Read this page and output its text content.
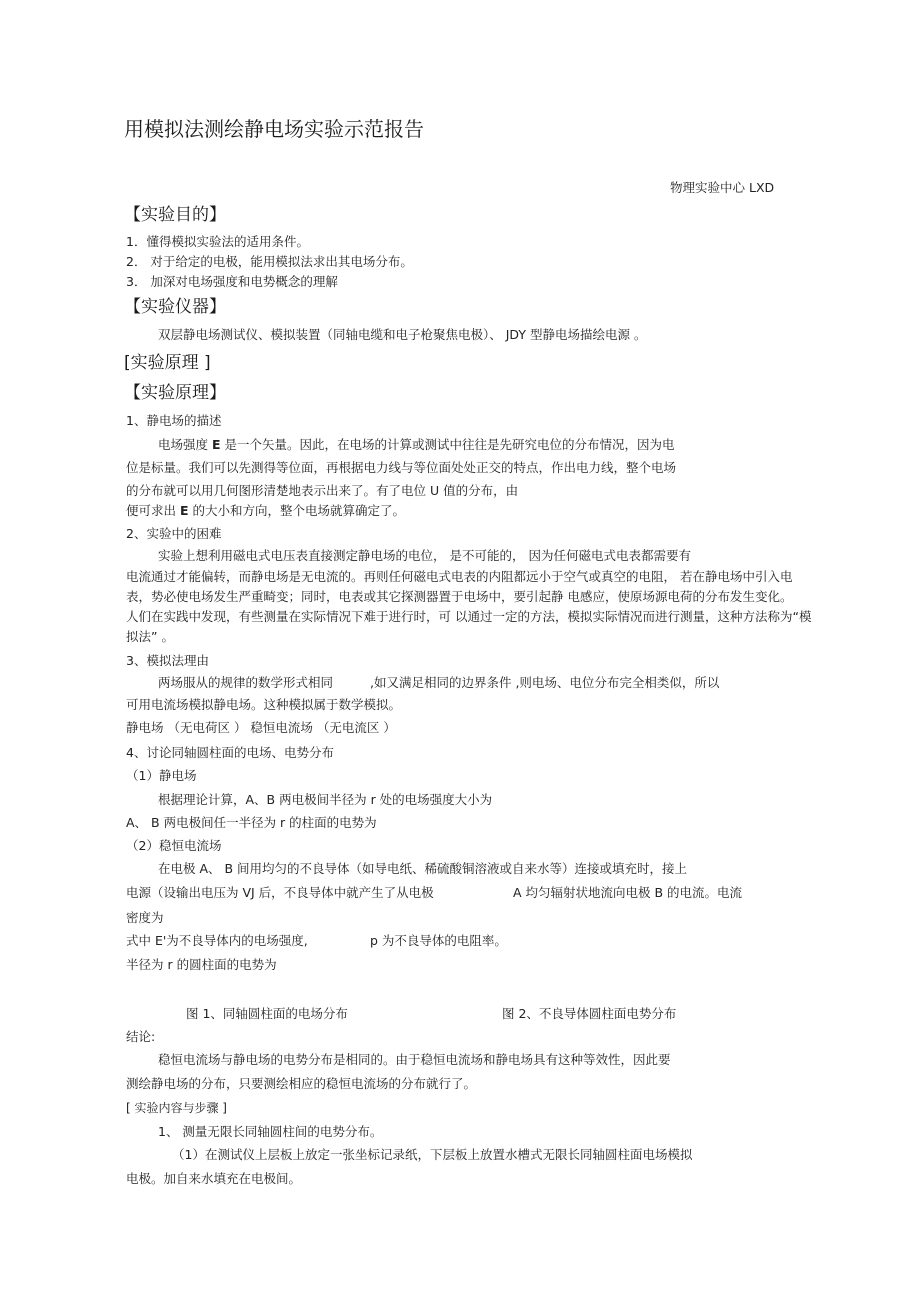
用模拟法测绘静电场实验示范报告
物理实验中心 LXD
【实验目的】
1．懂得模拟实验法的适用条件。
2． 对于给定的电极，能用模拟法求出其电场分布。
3． 加深对电场强度和电势概念的理解
【实验仪器】
双层静电场测试仪、模拟装置（同轴电缆和电子枪聚焦电极）、 JDY 型静电场描绘电源 。
[实验原理 ]
【实验原理】
1、静电场的描述
电场强度 E 是一个矢量。因此，在电场的计算或测试中往往是先研究电位的分布情况，因为电
位是标量。我们可以先测得等位面，再根据电力线与等位面处处正交的特点，作出电力线，整个电场
的分布就可以用几何图形清楚地表示出来了。有了电位 U 值的分布，由
便可求出 E 的大小和方向，整个电场就算确定了。
2、实验中的困难
实验上想利用磁电式电压表直接测定静电场的电位， 是不可能的， 因为任何磁电式电表都需要有
电流通过才能偏转，而静电场是无电流的。再则任何磁电式电表的内阻都远小于空气或真空的电阻， 若在静电场中引入电
表，势必使电场发生严重畸变；同时，电表或其它探测器置于电场中，要引起静 电感应，使原场源电荷的分布发生变化。
人们在实践中发现，有些测量在实际情况下难于进行时，可 以通过一定的方法，模拟实际情况而进行测量，这种方法称为“模
拟法” 。
3、模拟法理由
两场服从的规律的数学形式相同	,如又满足相同的边界条件 ,则电场、电位分布完全相类似，所以
可用电流场模拟静电场。这种模拟属于数学模拟。
静电场 （无电荷区 ） 稳恒电流场 （无电流区 ）
4、讨论同轴圆柱面的电场、电势分布
（1）静电场
根据理论计算，A、B 两电极间半径为 r 处的电场强度大小为
A、 B 两电极间任一半径为 r 的柱面的电势为
（2）稳恒电流场
在电极 A、 B 间用均匀的不良导体（如导电纸、稀硫酸铜溶液或自来水等）连接或填充时，接上
电源（设输出电压为 VJ 后，不良导体中就产生了从电极	A 均匀辐射状地流向电极 B 的电流。电流
密度为
式中 E'为不良导体内的电场强度,	p 为不良导体的电阻率。
半径为 r 的圆柱面的电势为
图 1、同轴圆柱面的电场分布	图 2、不良导体圆柱面电势分布
结论:
稳恒电流场与静电场的电势分布是相同的。由于稳恒电流场和静电场具有这种等效性，因此要
测绘静电场的分布，只要测绘相应的稳恒电流场的分布就行了。
[ 实验内容与步骤 ]
1、 测量无限长同轴圆柱间的电势分布。
（1）在测试仪上层板上放定一张坐标记录纸，下层板上放置水槽式无限长同轴圆柱面电场模拟
电极。加自来水填充在电极间。
